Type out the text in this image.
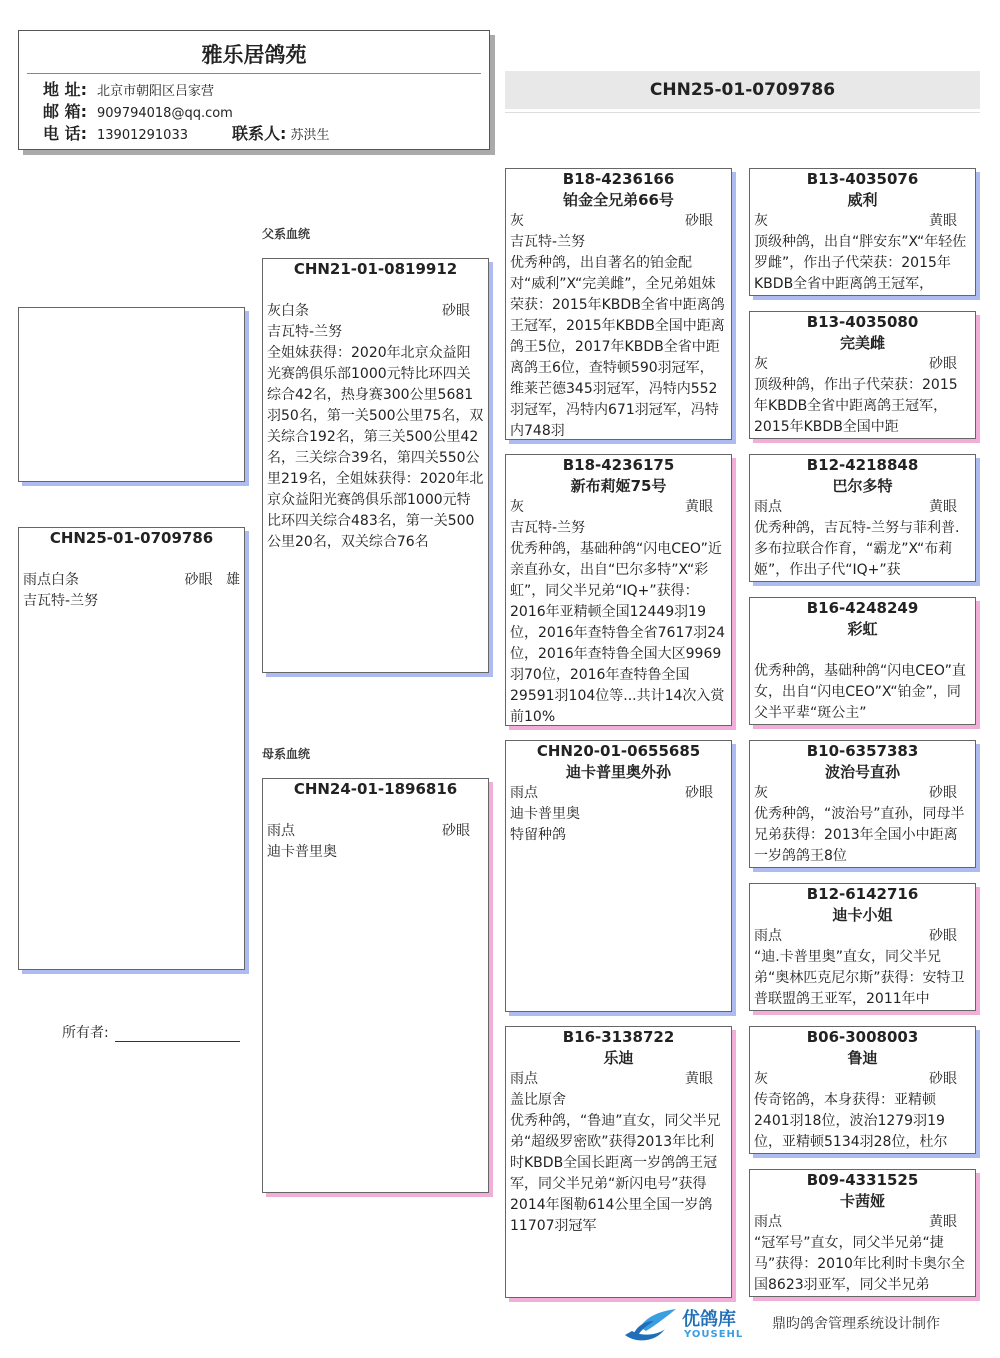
雅乐居鸽苑
地 址: 北京市朝阳区吕家营
邮 箱: 909794018@qq.com
电 话: 13901291033	联系人: 苏洪生
CHN25-01-0709786
CHN25-01-0709786
雨点白条	砂眼 雄
吉瓦特-兰努
所有者:
父系血统
母系血统
CHN21-01-0819912
灰白条	砂眼
吉瓦特-兰努
全姐妹获得：2020年北京众益阳光赛鸽俱乐部1000元特比环四关综合42名，热身赛300公里5681羽50名，第一关500公里75名，双关综合192名，第三关500公里42名，三关综合39名，第四关550公里219名，全姐妹获得：2020年北京众益阳光赛鸽俱乐部1000元特比环四关综合483名，第一关500公里20名，双关综合76名
CHN24-01-1896816
雨点	砂眼
迪卡普里奥
B18-4236166
铂金全兄弟66号
灰	砂眼
吉瓦特-兰努
优秀种鸽，出自著名的铂金配对“威利”X“完美雌”，全兄弟姐妹荣获：2015年KBDB全省中距离鸽王冠军，2015年KBDB全国中距离鸽王5位，2017年KBDB全省中距离鸽王6位，查特顿590羽冠军，维莱芒德345羽冠军，冯特内552羽冠军，冯特内671羽冠军，冯特内748羽
B18-4236175
新布莉姬75号
灰	黄眼
吉瓦特-兰努
优秀种鸽，基础种鸽“闪电CEO”近亲直孙女，出自“巴尔多特”X“彩虹”，同父半兄弟“IQ+”获得：2016年亚精顿全国12449羽19位，2016年查特鲁全省7617羽24位，2016年查特鲁全国大区9969羽70位，2016年查特鲁全国29591羽104位等...共计14次入赏前10%
CHN20-01-0655685
迪卡普里奥外孙
雨点	砂眼
迪卡普里奥
特留种鸽
B16-3138722
乐迪
雨点	黄眼
盖比原舍
优秀种鸽，“鲁迪”直女，同父半兄弟“超级罗密欧”获得2013年比利时KBDB全国长距离一岁鸽鸽王冠军，同父半兄弟“新闪电号”获得2014年图勒614公里全国一岁鸽11707羽冠军
B13-4035076
威利
灰	黄眼
顶级种鸽，出自“胖安东”X“年轻佐罗雌”，作出子代荣获：2015年KBDB全省中距离鸽王冠军，
B13-4035080
完美雌
灰	砂眼
顶级种鸽，作出子代荣获：2015年KBDB全省中距离鸽王冠军，2015年KBDB全国中距
B12-4218848
巴尔多特
雨点	黄眼
优秀种鸽，吉瓦特-兰努与菲利普.多布拉联合作育，“霸龙”X“布莉姬”，作出子代“IQ+”获
B16-4248249
彩虹
优秀种鸽，基础种鸽“闪电CEO”直女，出自“闪电CEO”X“铂金”，同父半平辈“斑公主”
B10-6357383
波治号直孙
灰	砂眼
优秀种鸽，“波治号”直孙，同母半兄弟获得：2013年全国小中距离一岁鸽鸽王8位
B12-6142716
迪卡小姐
雨点	砂眼
“迪.卡普里奥”直女，同父半兄弟“奥林匹克尼尔斯”获得：安特卫普联盟鸽王亚军，2011年中
B06-3008003
鲁迪
灰	砂眼
传奇铭鸽，本身获得：亚精顿2401羽18位，波治1279羽19位，亚精顿5134羽28位，杜尔
B09-4331525
卡茜娅
雨点	黄眼
“冠军号”直女，同父半兄弟“捷马”获得：2010年比利时卡奥尔全国8623羽亚军，同父半兄弟
优鸽库
YOUSEHL
鼎昀鸽舍管理系统设计制作
